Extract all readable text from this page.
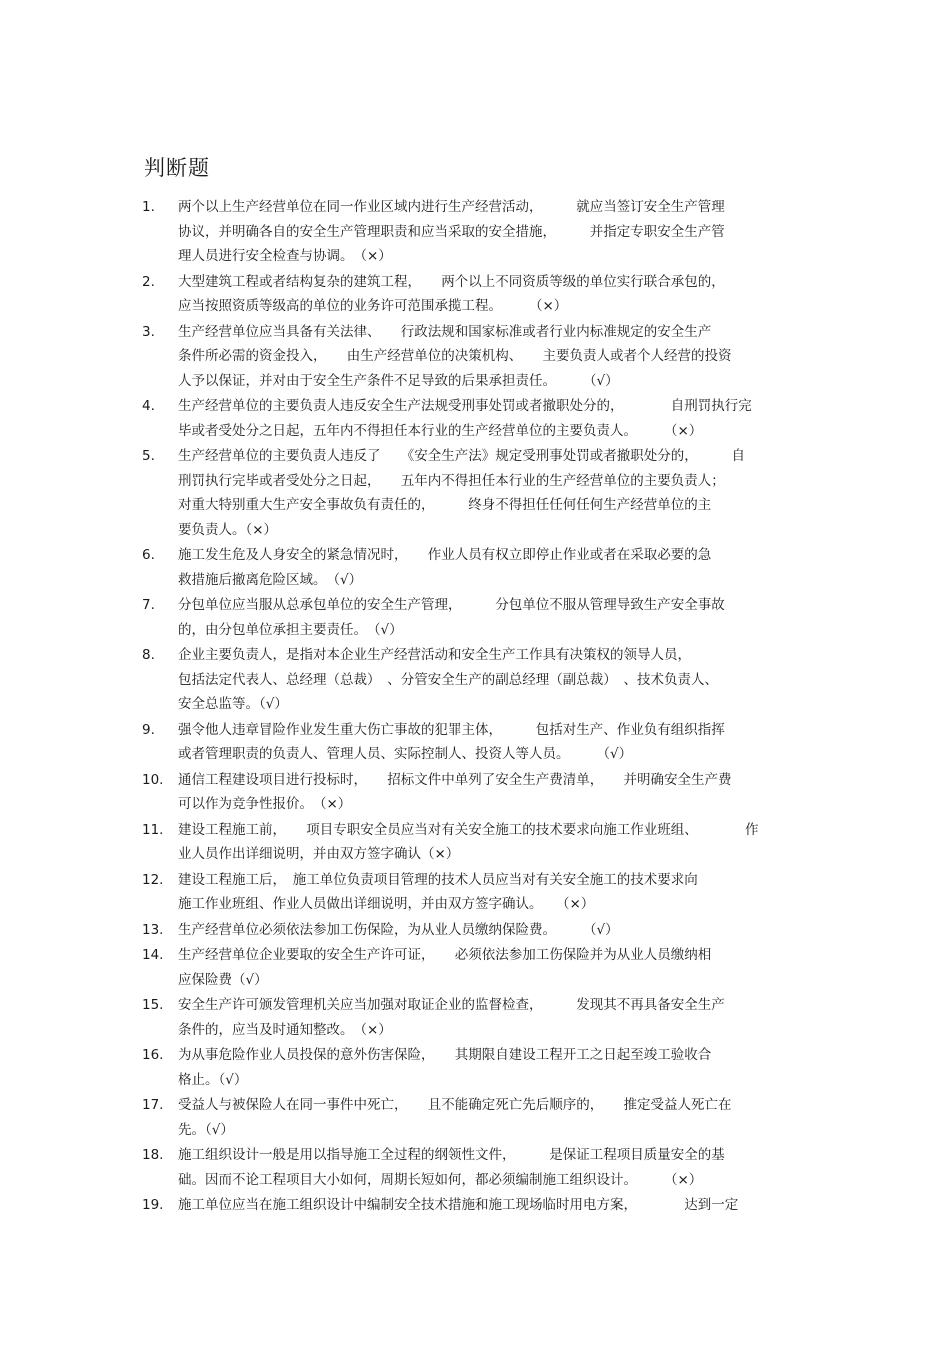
判断题
1. 两个以上生产经营单位在同一作业区域内进行生产经营活动，　　　就应当签订安全生产管理
协议，并明确各自的安全生产管理职责和应当采取的安全措施，　　　并指定专职安全生产管
理人员进行安全检查与协调。　（×）
2. 大型建筑工程或者结构复杂的建筑工程，　　两个以上不同资质等级的单位实行联合承包的，
应当按照资质等级高的单位的业务许可范围承揽工程。　　　（×）
3. 生产经营单位应当具备有关法律、　　行政法规和国家标准或者行业内标准规定的安全生产
条件所必需的资金投入，　　由生产经营单位的决策机构、　　主要负责人或者个人经营的投资
人予以保证，并对由于安全生产条件不足导致的后果承担责任。　　　（√）
4. 生产经营单位的主要负责人违反安全生产法规受刑事处罚或者撤职处分的，　　　　自刑罚执行完
毕或者受处分之日起，五年内不得担任本行业的生产经营单位的主要负责人。　　　（×）
5. 生产经营单位的主要负责人违反了　　《安全生产法》规定受刑事处罚或者撤职处分的，　　　自
刑罚执行完毕或者受处分之日起，　　五年内不得担任本行业的生产经营单位的主要负责人；
对重大特别重大生产安全事故负有责任的，　　　终身不得担任任何任何生产经营单位的主
要负责人。（×）
6. 施工发生危及人身安全的紧急情况时，　　作业人员有权立即停止作业或者在采取必要的急
救措施后撤离危险区域。　（√）
7. 分包单位应当服从总承包单位的安全生产管理，　　　分包单位不服从管理导致生产安全事故
的，由分包单位承担主要责任。　（√）
8. 企业主要负责人，是指对本企业生产经营活动和安全生产工作具有决策权的领导人员，
包括法定代表人、总经理（总裁）　、分管安全生产的副总经理（副总裁）　、技术负责人、
安全总监等。（√）
9. 强令他人违章冒险作业发生重大伤亡事故的犯罪主体，　　　包括对生产、作业负有组织指挥
或者管理职责的负责人、管理人员、实际控制人、投资人等人员。　　　（√）
10. 通信工程建设项目进行投标时，　　招标文件中单列了安全生产费清单，　　并明确安全生产费
可以作为竞争性报价。　（×）
11. 建设工程施工前，　　项目专职安全员应当对有关安全施工的技术要求向施工作业班组、　　　　作
业人员作出详细说明，并由双方签字确认（×）
12. 建设工程施工后，　施工单位负责项目管理的技术人员应当对有关安全施工的技术要求向
施工作业班组、作业人员做出详细说明，并由双方签字确认。　　（×）
13. 生产经营单位必须依法参加工伤保险，为从业人员缴纳保险费。　　　（√）
14. 生产经营单位企业要取的安全生产许可证，　　必须依法参加工伤保险并为从业人员缴纳相
应保险费（√）
15. 安全生产许可颁发管理机关应当加强对取证企业的监督检查，　　　发现其不再具备安全生产
条件的，应当及时通知整改。　（×）
16. 为从事危险作业人员投保的意外伤害保险，　　其期限自建设工程开工之日起至竣工验收合
格止。（√）
17. 受益人与被保险人在同一事件中死亡，　　且不能确定死亡先后顺序的，　　推定受益人死亡在
先。（√）
18. 施工组织设计一般是用以指导施工全过程的纲领性文件，　　　是保证工程项目质量安全的基
础。因而不论工程项目大小如何，周期长短如何，都必须编制施工组织设计。　　　（×）
19. 施工单位应当在施工组织设计中编制安全技术措施和施工现场临时用电方案，　　　　达到一定
